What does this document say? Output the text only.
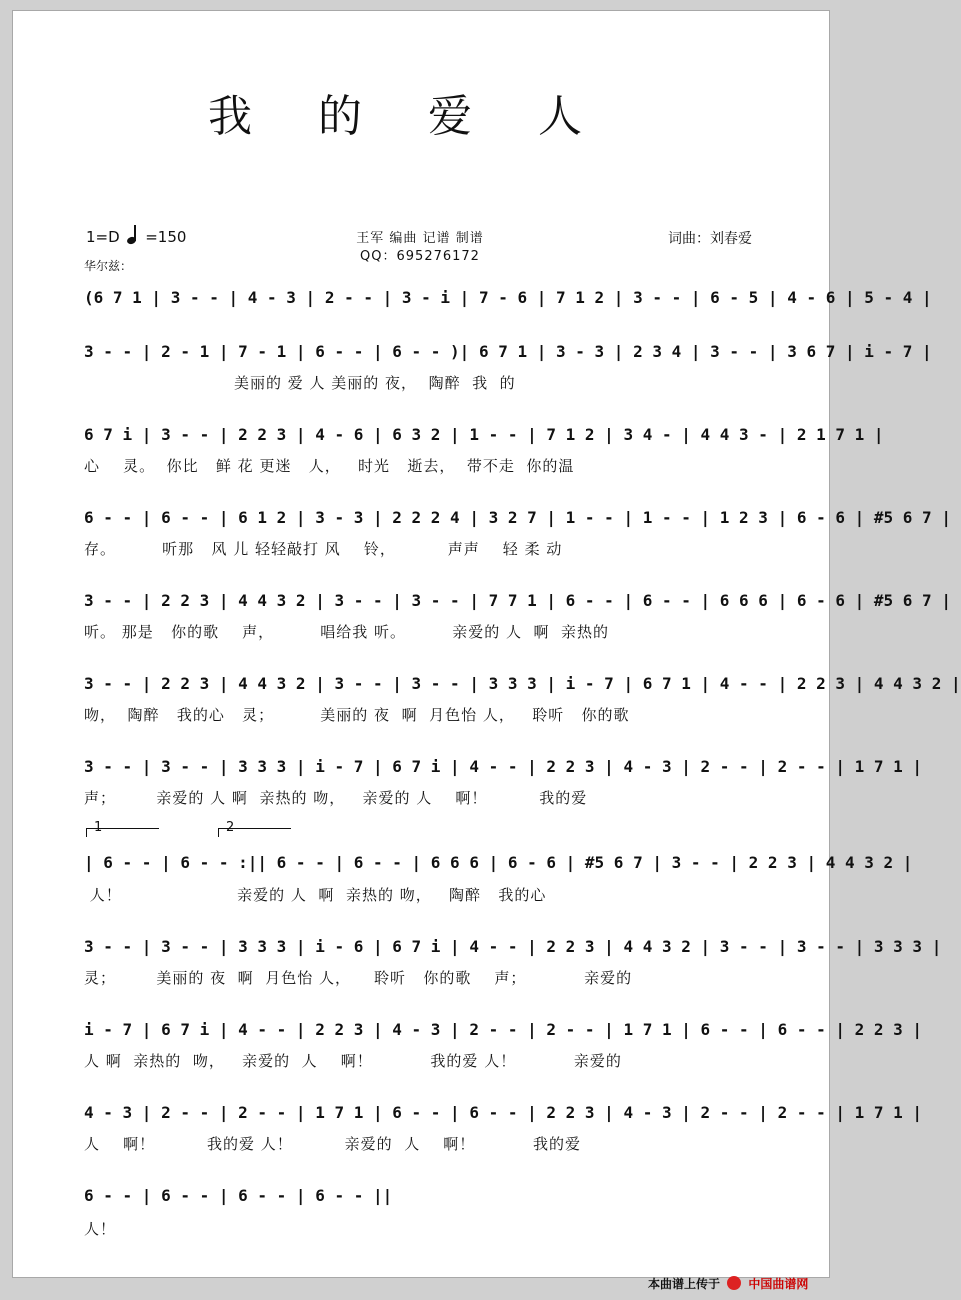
我 的 爱 人
1=D =150	王军 编曲 记谱 制谱
QQ：695276172
词曲：刘春爱
华尔兹：
(6 7 1 | 3 - - | 4 - 3 | 2 - - | 3 - i | 7 - 6 | 7 1 2 | 3 - - | 6 - 5 | 4 - 6 | 5 - 4 |
3 - - | 2 - 1 | 7 - 1 | 6 - - | 6 - - )| 6 7 1 | 3 - 3 | 2 3 4 | 3 - - | 3 6 7 | i - 7 |
美丽的 爱 人 美丽的 夜，  陶醉  我  的
6 7 i | 3 - - | 2 2 3 | 4 - 6 | 6 3 2 | 1 - - | 7 1 2 | 3 4 - | 4 4 3 - | 2 1 7 1 |
心    灵。  你比   鲜 花 更迷   人，   时光   逝去，  带不走  你的温
6 - - | 6 - - | 6 1 2 | 3 - 3 | 2 2 2 4 | 3 2 7 | 1 - - | 1 - - | 1 2 3 | 6 - 6 | #5 6 7 |
存。        听那   风 儿 轻轻敲打 风    铃，         声声    轻 柔 动
3 - - | 2 2 3 | 4 4 3 2 | 3 - - | 3 - - | 7 7 1 | 6 - - | 6 - - | 6 6 6 | 6 - 6 | #5 6 7 |
听。 那是   你的歌    声，        唱给我 听。        亲爱的 人  啊  亲热的
3 - - | 2 2 3 | 4 4 3 2 | 3 - - | 3 - - | 3 3 3 | i - 7 | 6 7 1 | 4 - - | 2 2 3 | 4 4 3 2 |
吻，  陶醉   我的心   灵；        美丽的 夜  啊  月色怡 人，   聆听   你的歌
3 - - | 3 - - | 3 3 3 | i - 7 | 6 7 i | 4 - - | 2 2 3 | 4 - 3 | 2 - - | 2 - - | 1 7 1 |
声；       亲爱的 人 啊  亲热的 吻，   亲爱的 人    啊！         我的爱
1	2
| 6 - - | 6 - - :|| 6 - - | 6 - - | 6 6 6 | 6 - 6 | #5 6 7 | 3 - - | 2 2 3 | 4 4 3 2 |
人！                    亲爱的 人  啊  亲热的 吻，   陶醉   我的心
3 - - | 3 - - | 3 3 3 | i - 6 | 6 7 i | 4 - - | 2 2 3 | 4 4 3 2 | 3 - - | 3 - - | 3 3 3 |
灵；       美丽的 夜  啊  月色怡 人，    聆听   你的歌    声；          亲爱的
i - 7 | 6 7 i | 4 - - | 2 2 3 | 4 - 3 | 2 - - | 2 - - | 1 7 1 | 6 - - | 6 - - | 2 2 3 |
人 啊  亲热的  吻，   亲爱的  人    啊！          我的爱 人！          亲爱的
4 - 3 | 2 - - | 2 - - | 1 7 1 | 6 - - | 6 - - | 2 2 3 | 4 - 3 | 2 - - | 2 - - | 1 7 1 |
人    啊！         我的爱 人！         亲爱的  人    啊！          我的爱
6 - - | 6 - - | 6 - - | 6 - - ||
人！
本曲谱上传于 中国曲谱网
